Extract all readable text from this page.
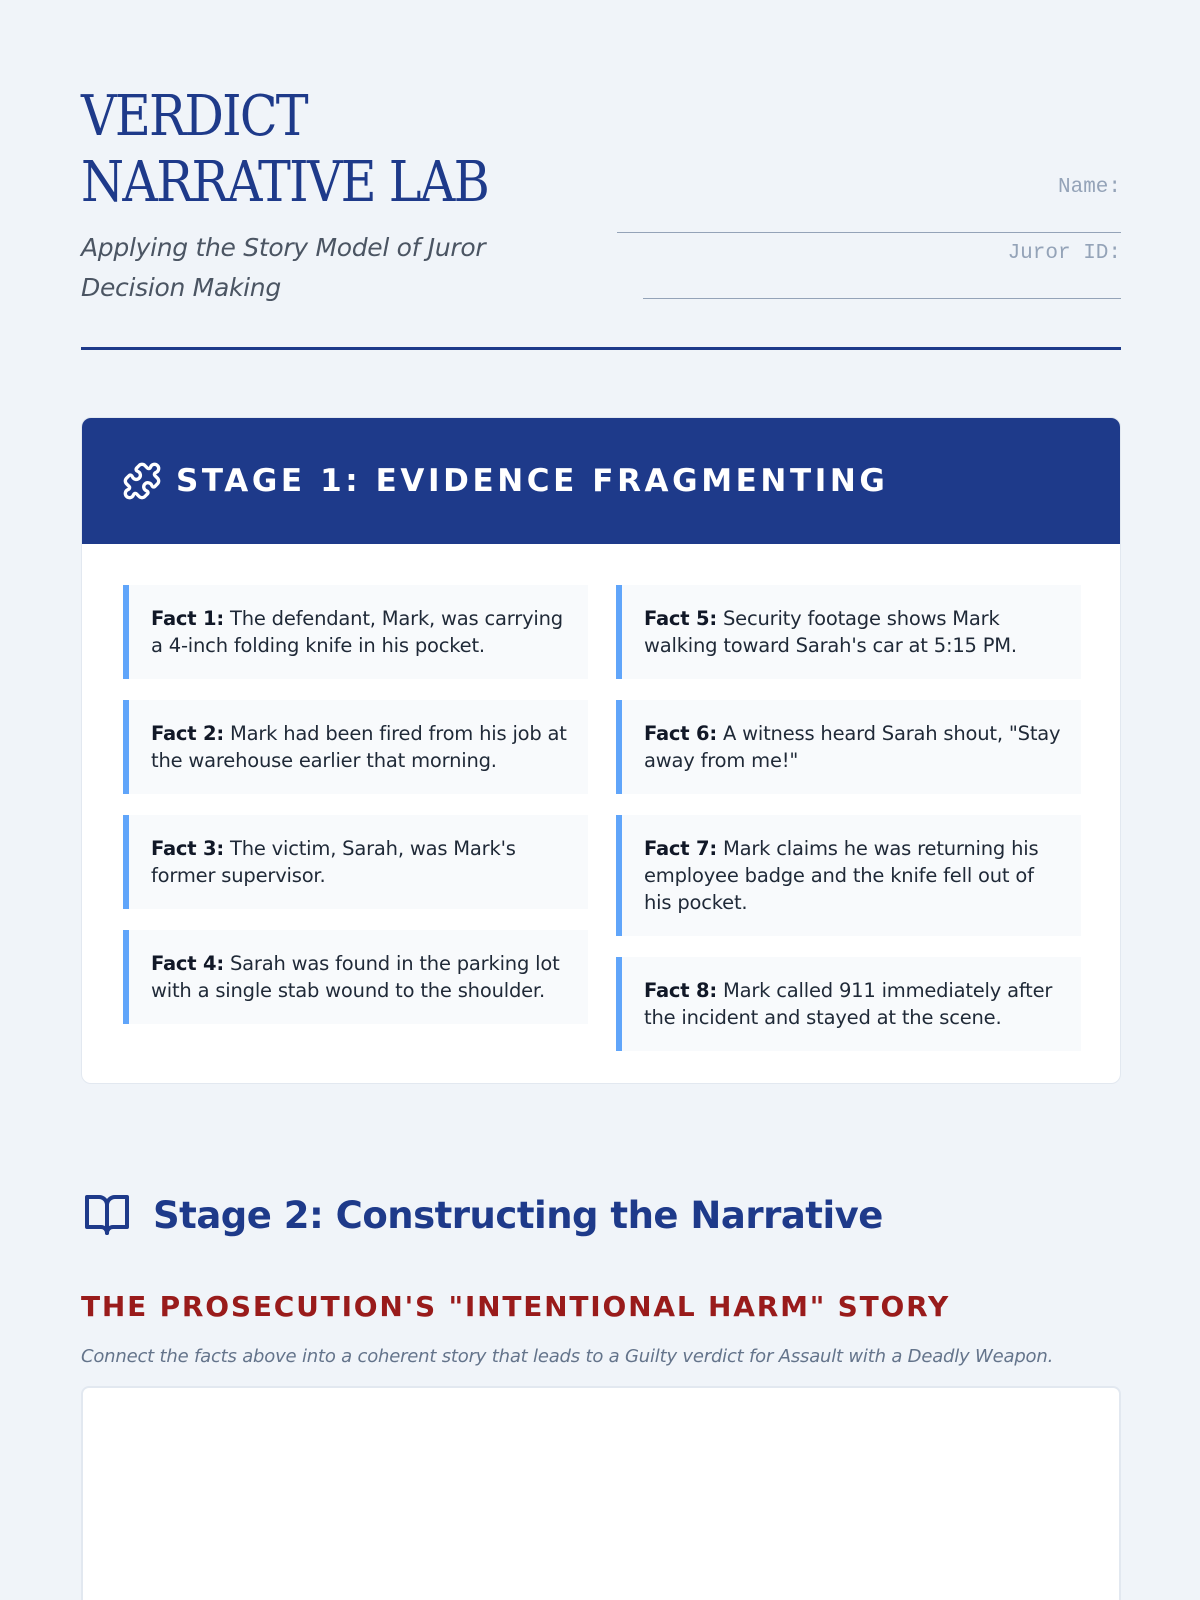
VERDICT
NARRATIVE LAB
Applying the Story Model of Juror Decision Making
Name:
Juror ID:
STAGE 1: EVIDENCE FRAGMENTING
Fact 1: The defendant, Mark, was carrying a 4-inch folding knife in his pocket.
Fact 2: Mark had been fired from his job at the warehouse earlier that morning.
Fact 3: The victim, Sarah, was Mark's former supervisor.
Fact 4: Sarah was found in the parking lot with a single stab wound to the shoulder.
Fact 5: Security footage shows Mark walking toward Sarah's car at 5:15 PM.
Fact 6: A witness heard Sarah shout, "Stay away from me!"
Fact 7: Mark claims he was returning his employee badge and the knife fell out of his pocket.
Fact 8: Mark called 911 immediately after the incident and stayed at the scene.
Stage 2: Constructing the Narrative
THE PROSECUTION'S "INTENTIONAL HARM" STORY
Connect the facts above into a coherent story that leads to a Guilty verdict for Assault with a Deadly Weapon.
